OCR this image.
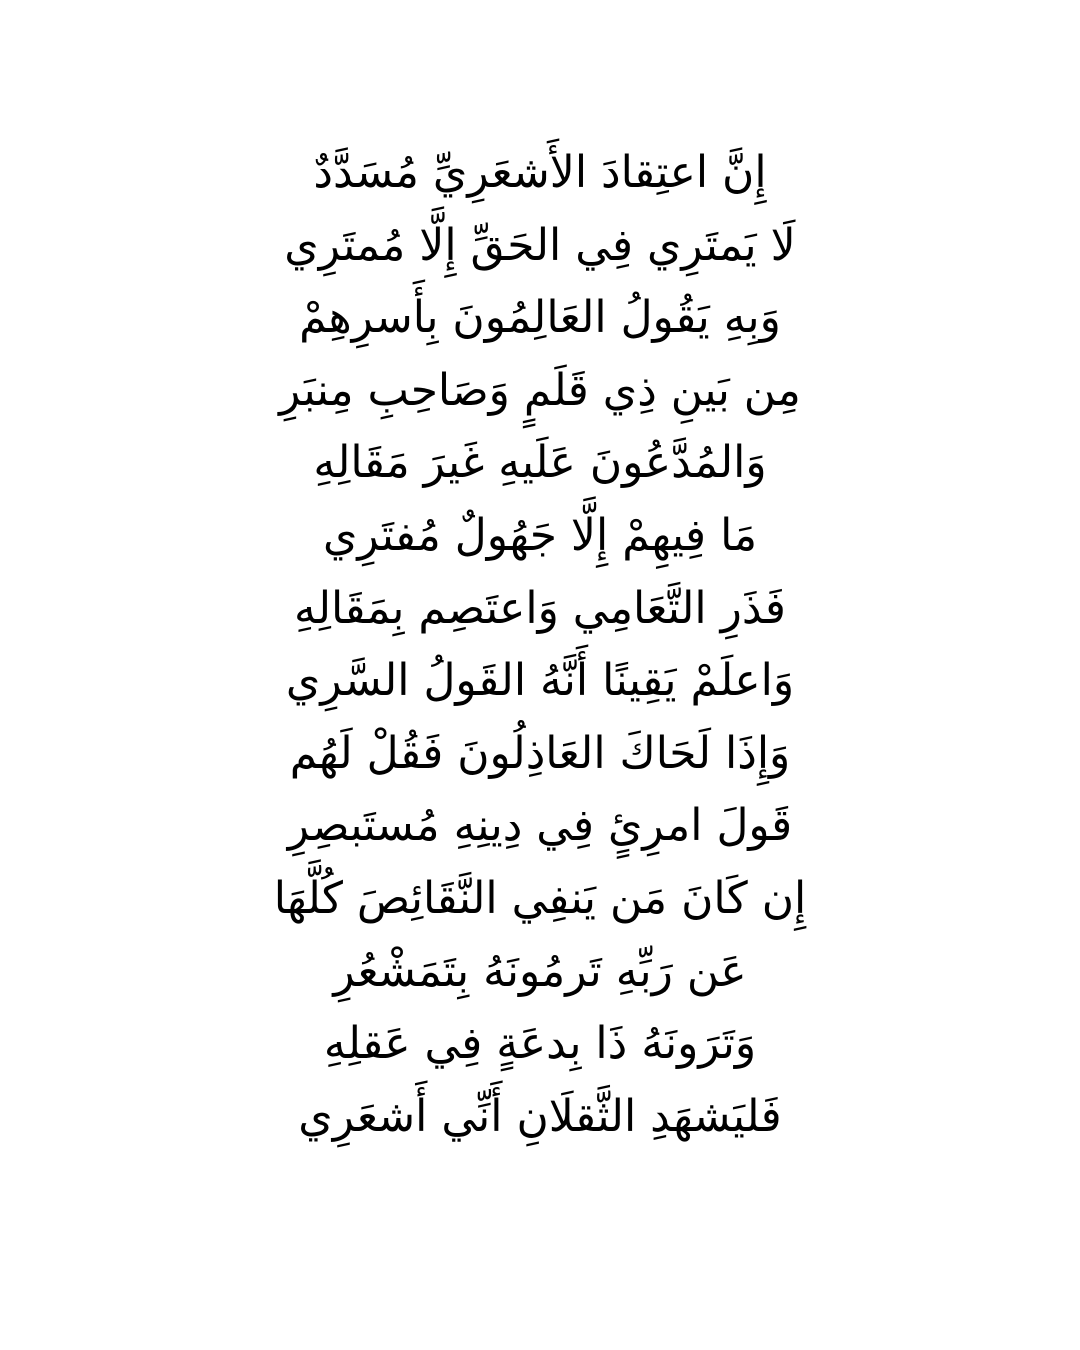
إِنَّ اعتِقادَ الأَشعَرِيِّ مُسَدَّدٌ
لَا يَمتَرِي فِي الحَقِّ إِلَّا مُمتَرِي
وَبِهِ يَقُولُ العَالِمُونَ بِأَسرِهِمْ
مِن بَينِ ذِي قَلَمٍ وَصَاحِبِ مِنبَرِ
وَالمُدَّعُونَ عَلَيهِ غَيرَ مَقَالِهِ
مَا فِيهِمْ إِلَّا جَهُولٌ مُفتَرِي
فَذَرِ التَّعَامِي وَاعتَصِم بِمَقَالِهِ
وَاعلَمْ يَقِينًا أَنَّهُ القَولُ السَّرِي
وَإِذَا لَحَاكَ العَاذِلُونَ فَقُلْ لَهُم
قَولَ امرِئٍ فِي دِينِهِ مُستَبصِرِ
إِن كَانَ مَن يَنفِي النَّقَائِصَ كُلَّهَا
عَن رَبِّهِ تَرمُونَهُ بِتَمَشْعُرِ
وَتَرَونَهُ ذَا بِدعَةٍ فِي عَقلِهِ
فَليَشهَدِ الثَّقلَانِ أَنِّي أَشعَرِي
